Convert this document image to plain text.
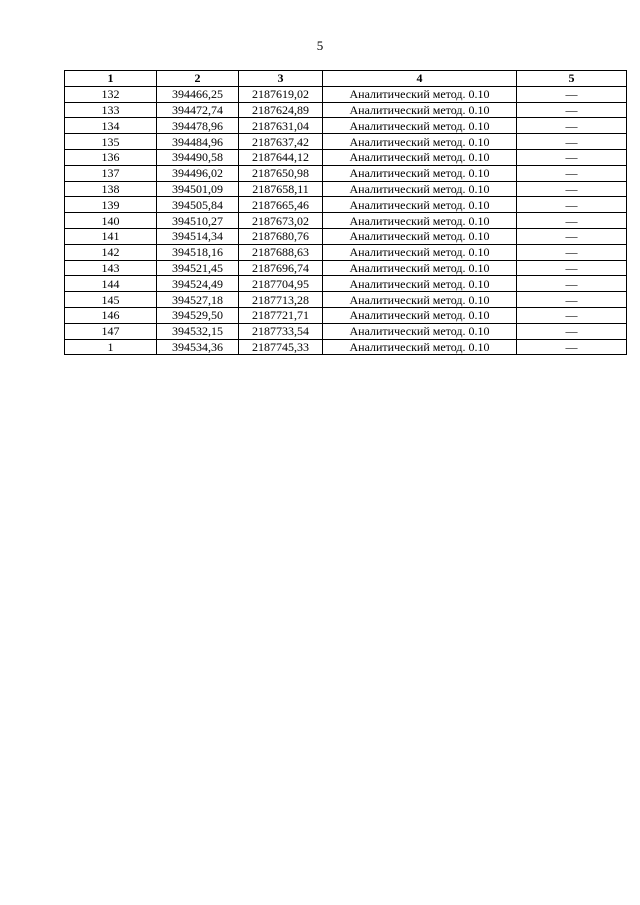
5
1	2	3	4	5
132	394466,25	2187619,02	Аналитический метод. 0.10	—
133	394472,74	2187624,89	Аналитический метод. 0.10	—
134	394478,96	2187631,04	Аналитический метод. 0.10	—
135	394484,96	2187637,42	Аналитический метод. 0.10	—
136	394490,58	2187644,12	Аналитический метод. 0.10	—
137	394496,02	2187650,98	Аналитический метод. 0.10	—
138	394501,09	2187658,11	Аналитический метод. 0.10	—
139	394505,84	2187665,46	Аналитический метод. 0.10	—
140	394510,27	2187673,02	Аналитический метод. 0.10	—
141	394514,34	2187680,76	Аналитический метод. 0.10	—
142	394518,16	2187688,63	Аналитический метод. 0.10	—
143	394521,45	2187696,74	Аналитический метод. 0.10	—
144	394524,49	2187704,95	Аналитический метод. 0.10	—
145	394527,18	2187713,28	Аналитический метод. 0.10	—
146	394529,50	2187721,71	Аналитический метод. 0.10	—
147	394532,15	2187733,54	Аналитический метод. 0.10	—
1	394534,36	2187745,33	Аналитический метод. 0.10	—
